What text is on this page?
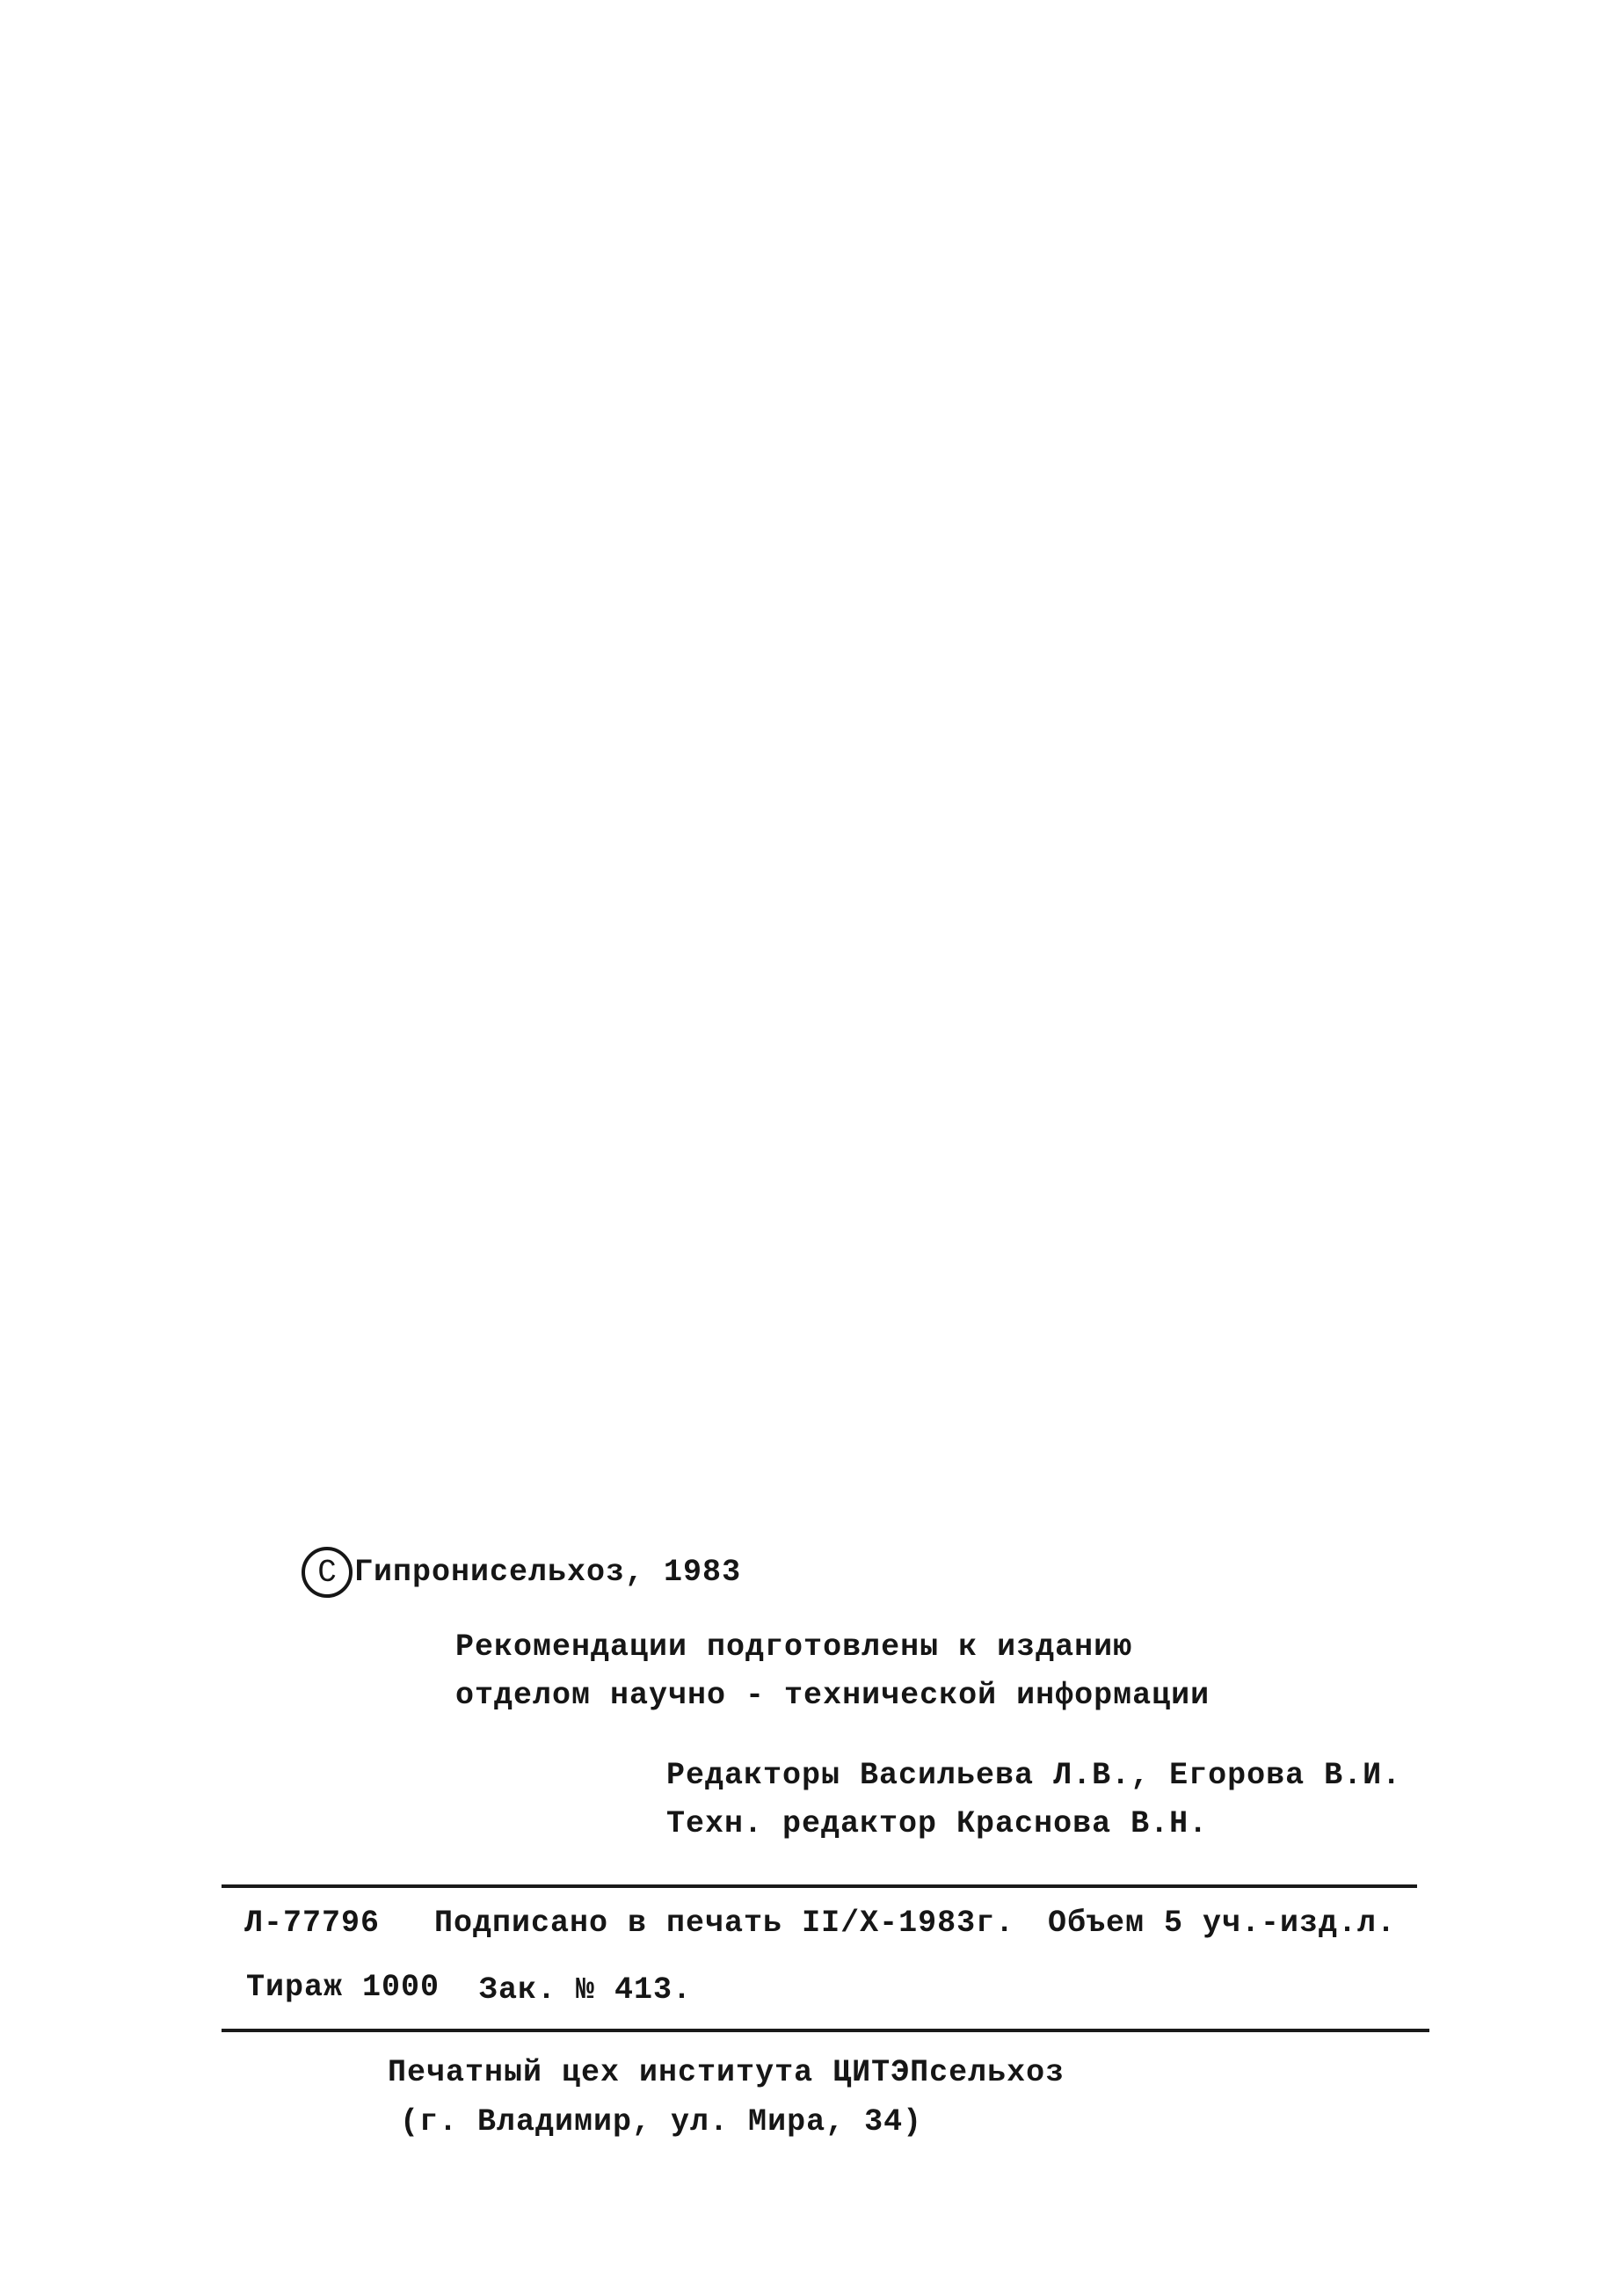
C Гипронисельхоз, 1983
Рекомендации подготовлены к изданию
отделом научно - технической информации
Редакторы Васильева Л.В., Егорова В.И.
Техн. редактор Краснова В.Н.
Л-77796 Подписано в печать II/X-1983г. Объем 5 уч.-изд.л.
Тираж 1000 Зак. № 413.
Печатный цех института ЦИТЭПсельхоз
(г. Владимир, ул. Мира, 34)
